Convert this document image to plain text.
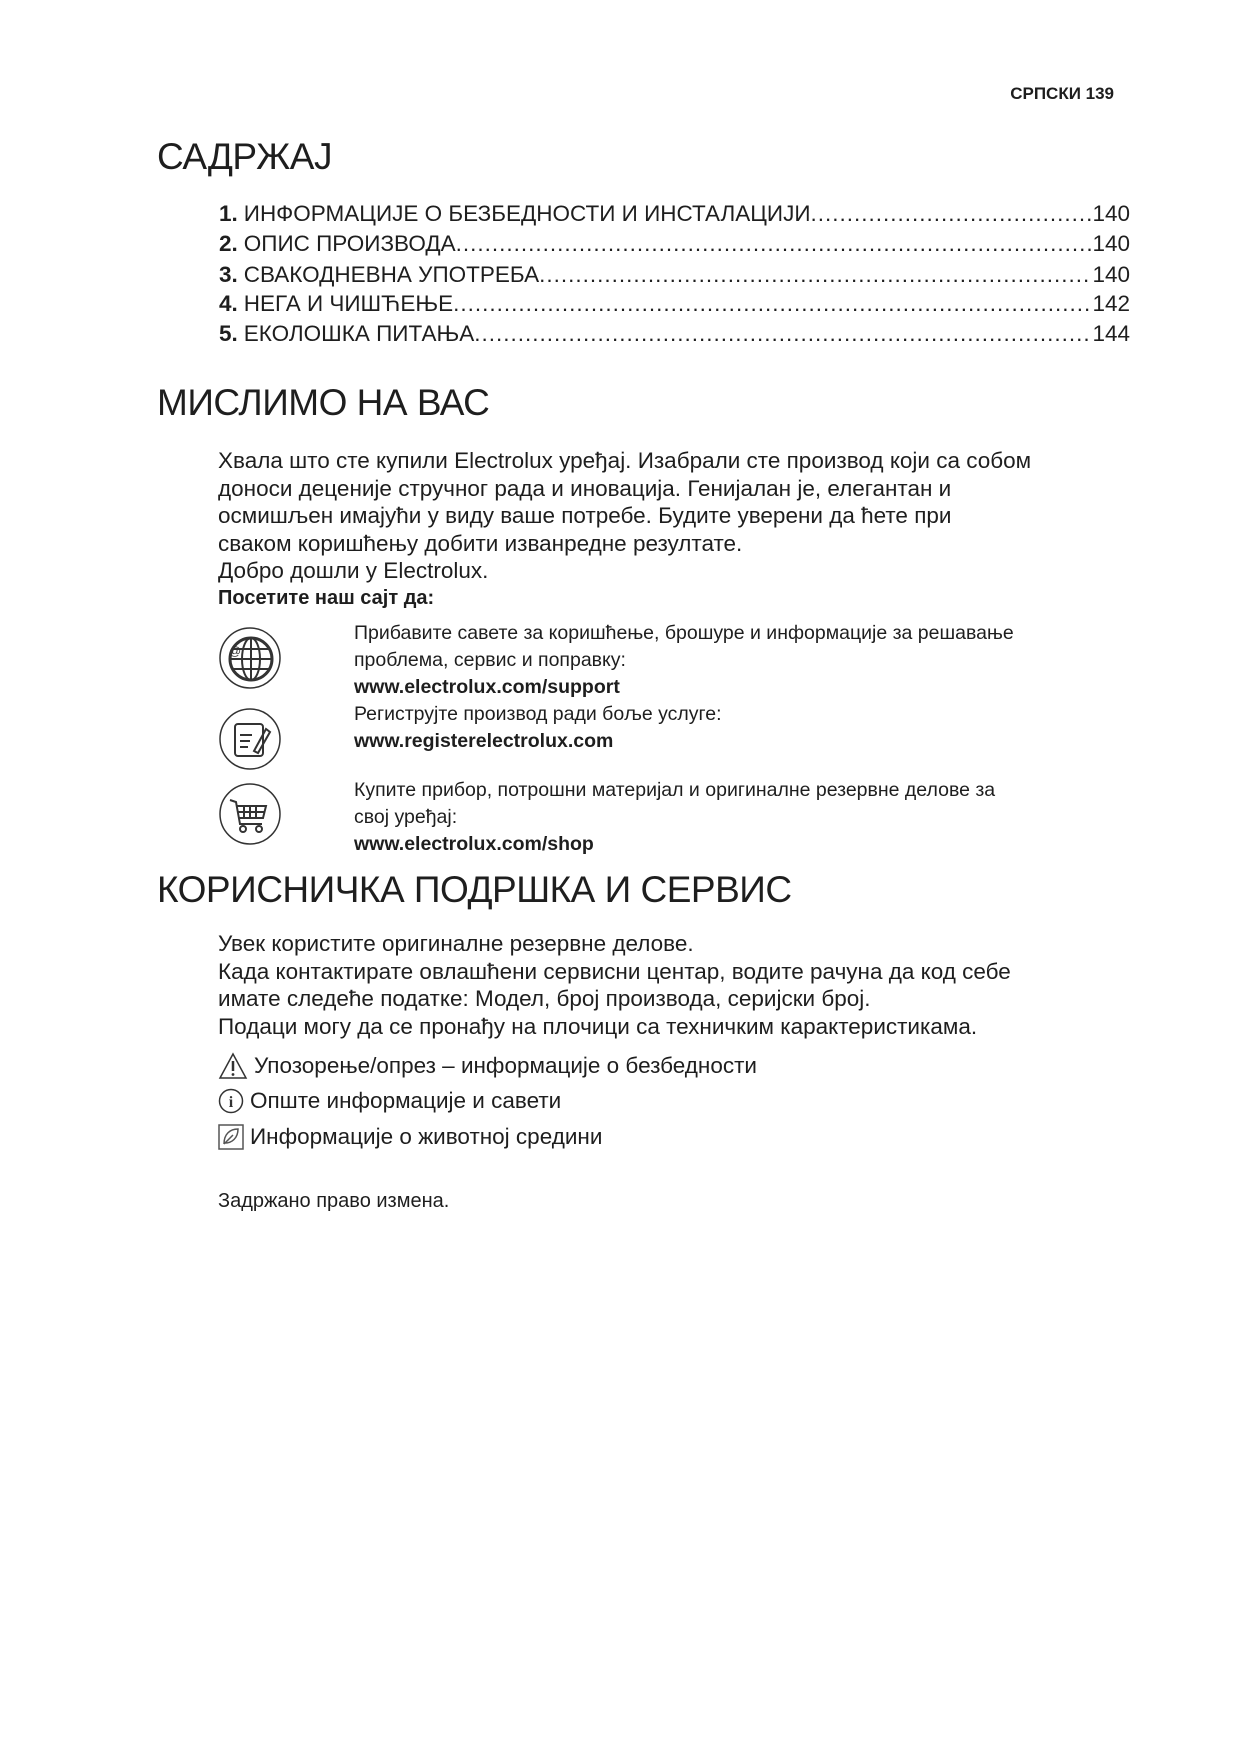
СРПСКИ 139
САДРЖАЈ
1. ИНФОРМАЦИЈЕ О БЕЗБЕДНОСТИ И ИНСТАЛАЦИЈИ .....	140
2. ОПИС ПРОИЗВОДА .....	140
3. СВАКОДНЕВНА УПОТРЕБА .....	140
4. НЕГА И ЧИШЋЕЊЕ .....	142
5. ЕКОЛОШКА ПИТАЊА .....	144
МИСЛИМО НА ВАС
Хвала што сте купили Electrolux уређај. Изабрали сте производ који са собом
доноси деценије стручног рада и иновација. Генијалан је, елегантан и
осмишљен имајући у виду ваше потребе. Будите уверени да ћете при
сваком коришћењу добити изванредне резултате.
Добро дошли у Electrolux.
Посетите наш сајт да:
@
Прибавите савете за коришћење, брошуре и информације за решавање
проблема, сервис и поправку:
www.electrolux.com/support
Региструјте производ ради боље услуге:
www.registerelectrolux.com
Купите прибор, потрошни материјал и оригиналне резервне делове за
свој уређај:
www.electrolux.com/shop
КОРИСНИЧКА ПОДРШКА И СЕРВИС
Увек користите оригиналне резервне делове.
Када контактирате овлашћени сервисни центар, водите рачуна да код себе
имате следеће податке: Модел, број производа, серијски број.
Подаци могу да се пронађу на плочици са техничким карактеристикама.
Упозорење/опрез – информације о безбедности
i Опште информације и савети
Информације о животној средини
Задржано право измена.
